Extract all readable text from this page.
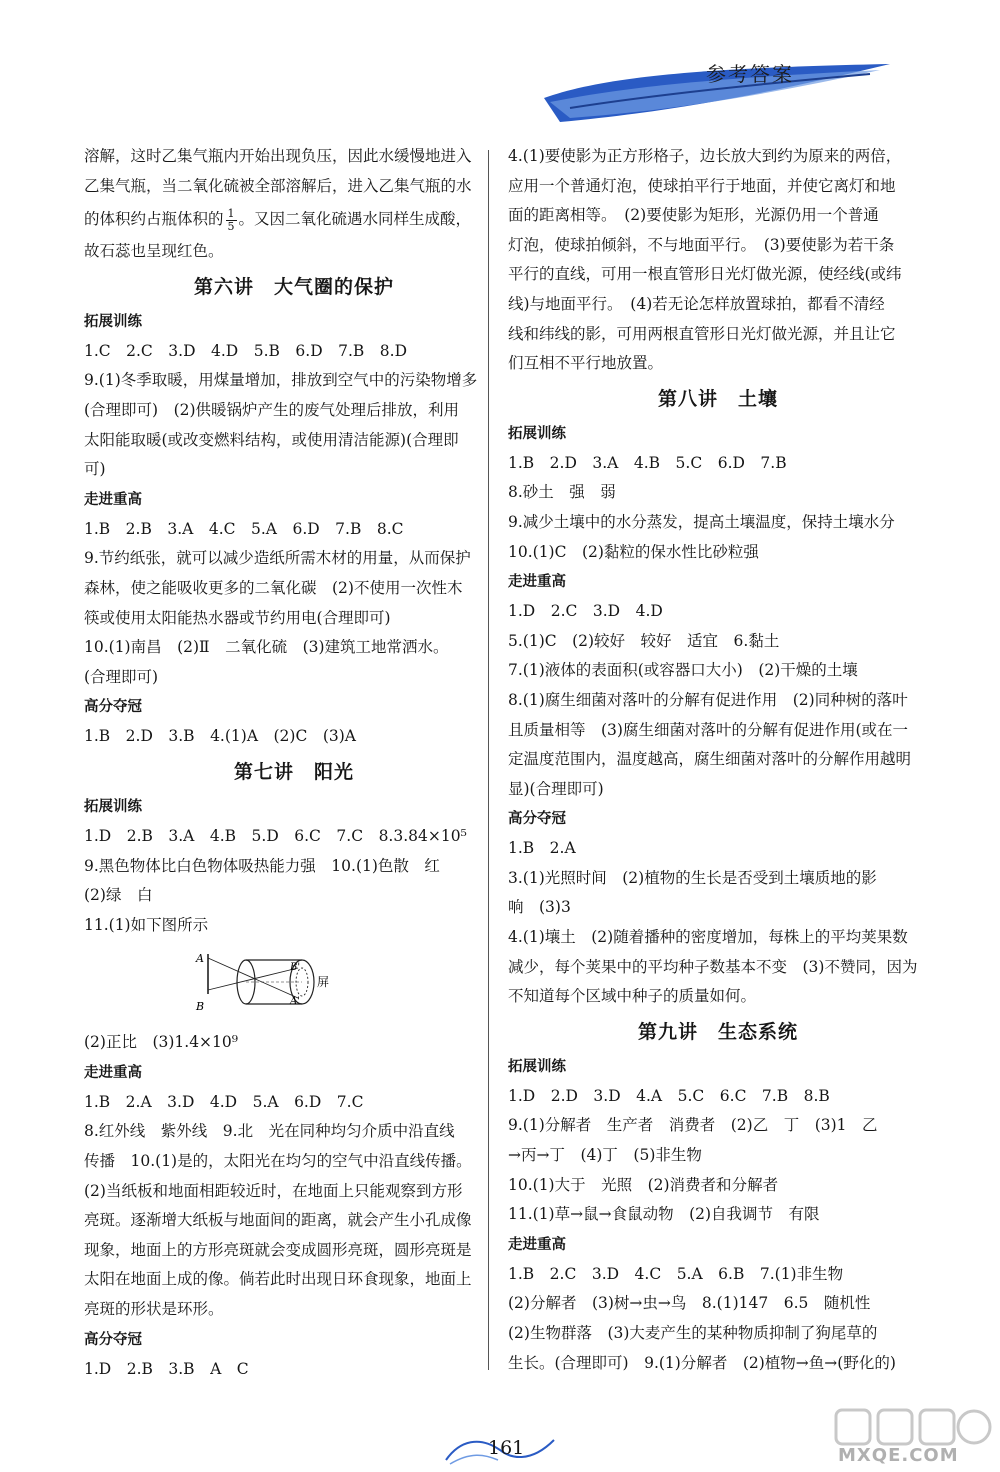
参考答案
溶解，这时乙集气瓶内开始出现负压，因此水缓慢地进入
乙集气瓶，当二氧化硫被全部溶解后，进入乙集气瓶的水
的体积约占瓶体积的 $\frac{1}{5}$ 。又因二氧化硫遇水同样生成酸，
故石蕊也呈现红色。
第六讲　大气圈的保护
拓展训练
1.C　2.C　3.D　4.D　5.B　6.D　7.B　8.D
9.(1)冬季取暖，用煤量增加，排放到空气中的污染物增多
(合理即可)　(2)供暖锅炉产生的废气处理后排放，利用
太阳能取暖(或改变燃料结构，或使用清洁能源)(合理即
可)
走进重高
1.B　2.B　3.A　4.C　5.A　6.D　7.B　8.C
9.节约纸张，就可以减少造纸所需木材的用量，从而保护
森林，使之能吸收更多的二氧化碳　(2)不使用一次性木
筷或使用太阳能热水器或节约用电(合理即可)
10.(1)南昌　(2)Ⅱ　二氧化硫　(3)建筑工地常洒水。
(合理即可)
高分夺冠
1.B　2.D　3.B　4.(1)A　(2)C　(3)A
第七讲　阳光
拓展训练
1.D　2.B　3.A　4.B　5.D　6.C　7.C　8.3.84×10⁵
9.黑色物体比白色物体吸热能力强　10.(1)色散　红
(2)绿　白
11.(1)如下图所示
A
B
B'
A'
屏
(2)正比　(3)1.4×10⁹
走进重高
1.B　2.A　3.D　4.D　5.A　6.D　7.C
8.红外线　紫外线　9.北　光在同种均匀介质中沿直线
传播　10.(1)是的，太阳光在均匀的空气中沿直线传播。
(2)当纸板和地面相距较近时，在地面上只能观察到方形
亮斑。逐渐增大纸板与地面间的距离，就会产生小孔成像
现象，地面上的方形亮斑就会变成圆形亮斑，圆形亮斑是
太阳在地面上成的像。倘若此时出现日环食现象，地面上
亮斑的形状是环形。
高分夺冠
1.D　2.B　3.B　A　C
4.(1)要使影为正方形格子，边长放大到约为原来的两倍，
应用一个普通灯泡，使球拍平行于地面，并使它离灯和地
面的距离相等。　(2)要使影为矩形，光源仍用一个普通
灯泡，使球拍倾斜，不与地面平行。　(3)要使影为若干条
平行的直线，可用一根直管形日光灯做光源，使经线(或纬
线)与地面平行。　(4)若无论怎样放置球拍，都看不清经
线和纬线的影，可用两根直管形日光灯做光源，并且让它
们互相不平行地放置。
第八讲　土壤
拓展训练
1.B　2.D　3.A　4.B　5.C　6.D　7.B
8.砂土　强　弱
9.减少土壤中的水分蒸发，提高土壤温度，保持土壤水分
10.(1)C　(2)黏粒的保水性比砂粒强
走进重高
1.D　2.C　3.D　4.D
5.(1)C　(2)较好　较好　适宜　6.黏土
7.(1)液体的表面积(或容器口大小)　(2)干燥的土壤
8.(1)腐生细菌对落叶的分解有促进作用　(2)同种树的落叶
且质量相等　(3)腐生细菌对落叶的分解有促进作用(或在一
定温度范围内，温度越高，腐生细菌对落叶的分解作用越明
显)(合理即可)
高分夺冠
1.B　2.A
3.(1)光照时间　(2)植物的生长是否受到土壤质地的影
响　(3)3
4.(1)壤土　(2)随着播种的密度增加，每株上的平均荚果数
减少，每个荚果中的平均种子数基本不变　(3)不赞同，因为
不知道每个区域中种子的质量如何。
第九讲　生态系统
拓展训练
1.D　2.D　3.D　4.A　5.C　6.C　7.B　8.B
9.(1)分解者　生产者　消费者　(2)乙　丁　(3)1　乙
→丙→丁　(4)丁　(5)非生物
10.(1)大于　光照　(2)消费者和分解者
11.(1)草→鼠→食鼠动物　(2)自我调节　有限
走进重高
1.B　2.C　3.D　4.C　5.A　6.B　7.(1)非生物
(2)分解者　(3)树→虫→鸟　8.(1)147　6.5　随机性
(2)生物群落　(3)大麦产生的某种物质抑制了狗尾草的
生长。(合理即可)　9.(1)分解者　(2)植物→鱼→(野化的)
161	MXQE.COM
